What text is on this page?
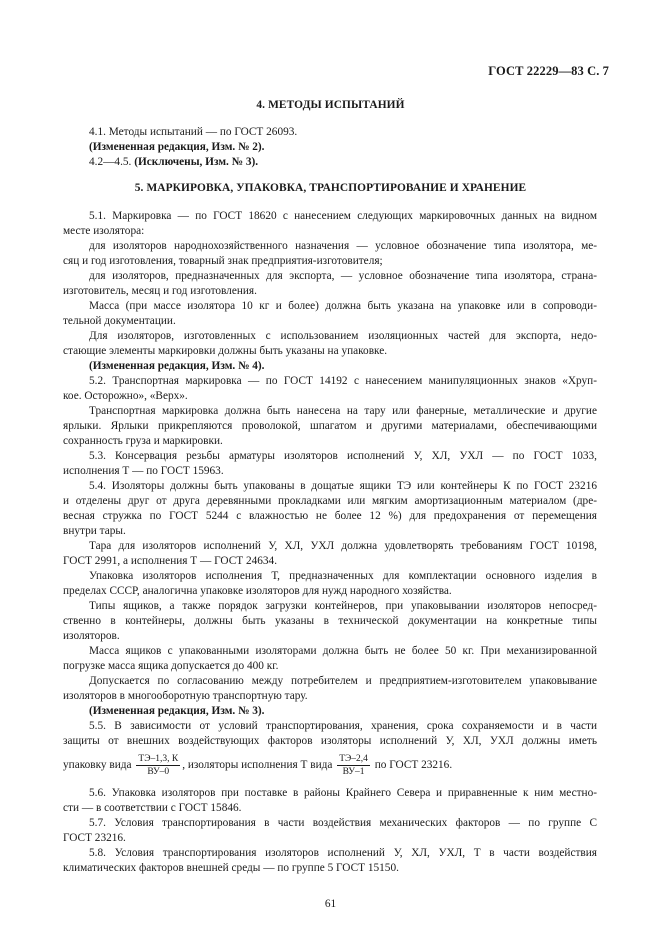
ГОСТ 22229—83 С. 7
4. МЕТОДЫ ИСПЫТАНИЙ
4.1. Методы испытаний — по ГОСТ 26093.
(Измененная редакция, Изм. № 2).
4.2—4.5. (Исключены, Изм. № 3).
5. МАРКИРОВКА, УПАКОВКА, ТРАНСПОРТИРОВАНИЕ И ХРАНЕНИЕ
5.1. Маркировка — по ГОСТ 18620 с нанесением следующих маркировочных данных на видном
месте изолятора:
для изоляторов народнохозяйственного назначения — условное обозначение типа изолятора, ме-
сяц и год изготовления, товарный знак предприятия-изготовителя;
для изоляторов, предназначенных для экспорта, — условное обозначение типа изолятора, страна-
изготовитель, месяц и год изготовления.
Масса (при массе изолятора 10 кг и более) должна быть указана на упаковке или в сопроводи-
тельной документации.
Для изоляторов, изготовленных с использованием изоляционных частей для экспорта, недо-
стающие элементы маркировки должны быть указаны на упаковке.
(Измененная редакция, Изм. № 4).
5.2. Транспортная маркировка — по ГОСТ 14192 с нанесением манипуляционных знаков «Хруп-
кое. Осторожно», «Верх».
Транспортная маркировка должна быть нанесена на тару или фанерные, металлические и другие
ярлыки. Ярлыки прикрепляются проволокой, шпагатом и другими материалами, обеспечивающими
сохранность груза и маркировки.
5.3. Консервация резьбы арматуры изоляторов исполнений У, ХЛ, УХЛ — по ГОСТ 1033,
исполнения Т — по ГОСТ 15963.
5.4. Изоляторы должны быть упакованы в дощатые ящики ТЭ или контейнеры К по ГОСТ 23216
и отделены друг от друга деревянными прокладками или мягким амортизационным материалом (дре-
весная стружка по ГОСТ 5244 с влажностью не более 12 %) для предохранения от перемещения
внутри тары.
Тара для изоляторов исполнений У, ХЛ, УХЛ должна удовлетворять требованиям ГОСТ 10198,
ГОСТ 2991, а исполнения Т — ГОСТ 24634.
Упаковка изоляторов исполнения Т, предназначенных для комплектации основного изделия в
пределах СССР, аналогична упаковке изоляторов для нужд народного хозяйства.
Типы ящиков, а также порядок загрузки контейнеров, при упаковывании изоляторов непосред-
ственно в контейнеры, должны быть указаны в технической документации на конкретные типы
изоляторов.
Масса ящиков с упакованными изоляторами должна быть не более 50 кг. При механизированной
погрузке масса ящика допускается до 400 кг.
Допускается по согласованию между потребителем и предприятием-изготовителем упаковывание
изоляторов в многооборотную транспортную тару.
(Измененная редакция, Изм. № 3).
5.5. В зависимости от условий транспортирования, хранения, срока сохраняемости и в части
защиты от внешних воздействующих факторов изоляторы исполнений У, ХЛ, УХЛ должны иметь
упаковку вида $\frac{ТЭ-1,3, К}{ВУ-0}$ , изоляторы исполнения Т вида $\frac{ТЭ-2,4}{ВУ-1}$ по ГОСТ 23216.
5.6. Упаковка изоляторов при поставке в районы Крайнего Севера и приравненные к ним местно-
сти — в соответствии с ГОСТ 15846.
5.7. Условия транспортирования в части воздействия механических факторов — по группе С
ГОСТ 23216.
5.8. Условия транспортирования изоляторов исполнений У, ХЛ, УХЛ, Т в части воздействия
климатических факторов внешней среды — по группе 5 ГОСТ 15150.
61
